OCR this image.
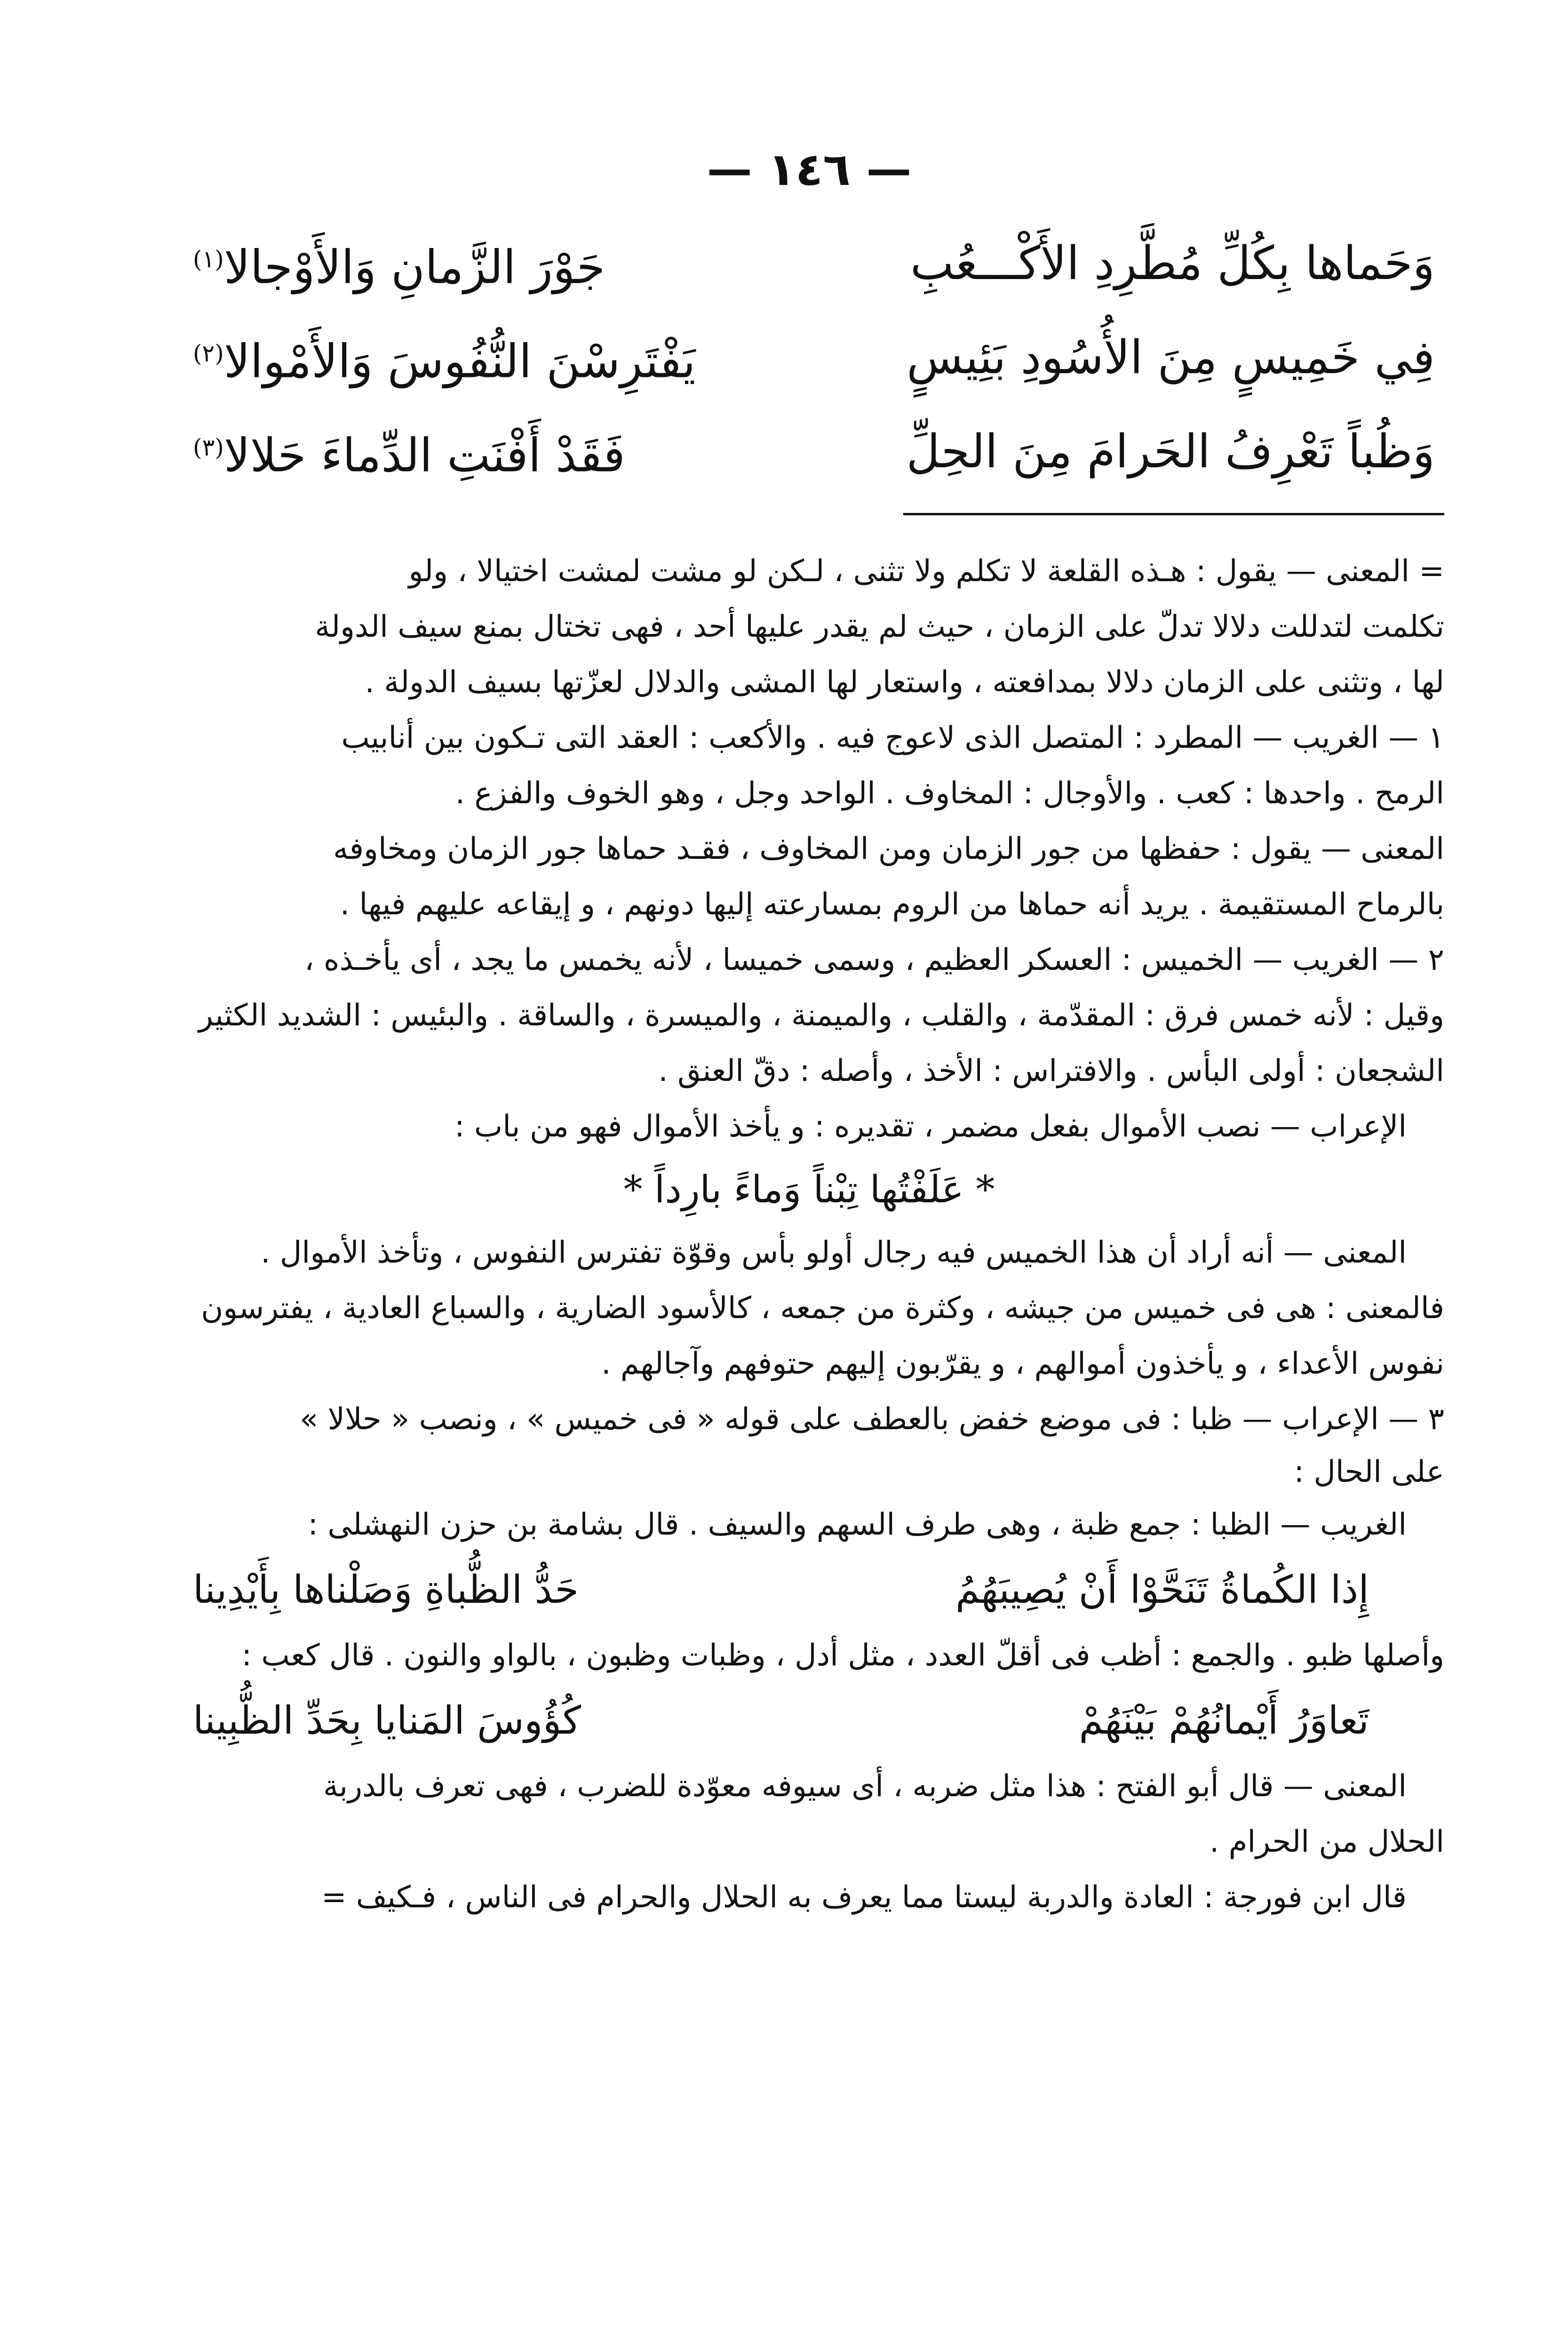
— ١٤٦ —
وَحَماها بِكُلِّ مُطَّرِدِ الأَكْـــعُبِ
جَوْرَ الزَّمانِ وَالأَوْجالا$^{(١)}$
فِي خَمِيسٍ مِنَ الأُسُودِ بَئِيسٍ
يَفْتَرِسْنَ النُّفُوسَ وَالأَمْوالا$^{(٢)}$
وَظُباً تَعْرِفُ الحَرامَ مِنَ الحِلِّ
فَقَدْ أَفْنَتِ الدِّماءَ حَلالا$^{(٣)}$
= المعنى — يقول : هـذه القلعة لا تكلم ولا تثنى ، لـكن لو مشت لمشت اختيالا ، ولو
تكلمت لتدللت دلالا تدلّ على الزمان ، حيث لم يقدر عليها أحد ، فهى تختال بمنع سيف الدولة
لها ، وتثنى على الزمان دلالا بمدافعته ، واستعار لها المشى والدلال لعزّتها بسيف الدولة .
١ — الغريب — المطرد : المتصل الذى لاعوج فيه . والأكعب : العقد التى تـكون بين أنابيب
الرمح . واحدها : كعب . والأوجال : المخاوف . الواحد وجل ، وهو الخوف والفزع .
المعنى — يقول : حفظها من جور الزمان ومن المخاوف ، فقـد حماها جور الزمان ومخاوفه
بالرماح المستقيمة . يريد أنه حماها من الروم بمسارعته إليها دونهم ، و إيقاعه عليهم فيها .
٢ — الغريب — الخميس : العسكر العظيم ، وسمى خميسا ، لأنه يخمس ما يجد ، أى يأخـذه ،
وقيل : لأنه خمس فرق : المقدّمة ، والقلب ، والميمنة ، والميسرة ، والساقة . والبئيس : الشديد الكثير
الشجعان : أولى البأس . والافتراس : الأخذ ، وأصله : دقّ العنق .
الإعراب — نصب الأموال بفعل مضمر ، تقديره : و يأخذ الأموال فهو من باب :
* عَلَفْتُها تِبْناً وَماءً بارِداً *
المعنى — أنه أراد أن هذا الخميس فيه رجال أولو بأس وقوّة تفترس النفوس ، وتأخذ الأموال .
فالمعنى : هى فى خميس من جيشه ، وكثرة من جمعه ، كالأسود الضارية ، والسباع العادية ، يفترسون
نفوس الأعداء ، و يأخذون أموالهم ، و يقرّبون إليهم حتوفهم وآجالهم .
٣ — الإعراب — ظبا : فى موضع خفض بالعطف على قوله « فى خميس » ، ونصب « حلالا »
على الحال :
الغريب — الظبا : جمع ظبة ، وهى طرف السهم والسيف . قال بشامة بن حزن النهشلى :
إِذا الكُماةُ تَنَحَّوْا أَنْ يُصِيبَهُمُ
حَدُّ الظُّباةِ وَصَلْناها بِأَيْدِينا
وأصلها ظبو . والجمع : أظب فى أقلّ العدد ، مثل أدل ، وظبات وظبون ، بالواو والنون . قال كعب :
تَعاوَرُ أَيْمانُهُمْ بَيْنَهُمْ
كُؤُوسَ المَنايا بِحَدِّ الظُّبِينا
المعنى — قال أبو الفتح : هذا مثل ضربه ، أى سيوفه معوّدة للضرب ، فهى تعرف بالدربة
الحلال من الحرام .
قال ابن فورجة : العادة والدربة ليستا مما يعرف به الحلال والحرام فى الناس ، فـكيف =
